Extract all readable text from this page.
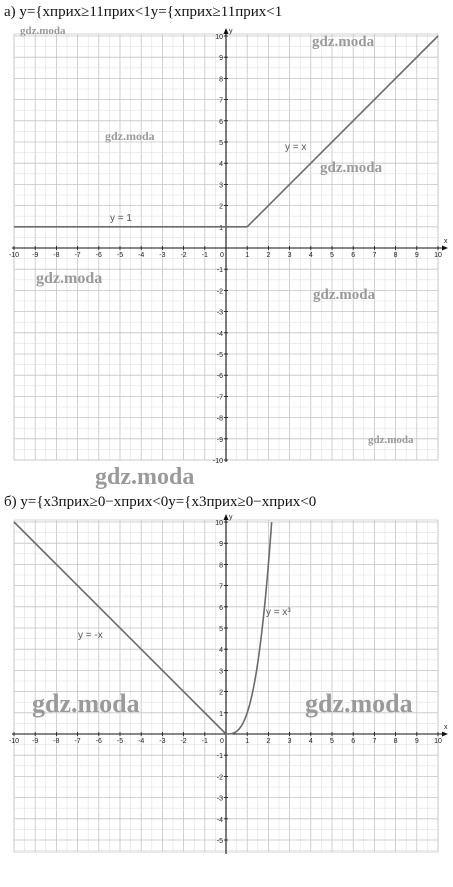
а) y={xприх≥11прих<1y={xприх≥11прих<1
б) y={x3прих≥0−xприх<0y={x3прих≥0−xприх<0
x
y
-10 -9 -8 -7 -6 -5 -4 -3 -2 -1 0	1 2 3 4 5 6 7 8 9 10
-10
-9
-8
-7
-6
-5
-4
-3
-2
-1
1
2
3
4
5
6
7
8
9
10
y = 1
y = x
x
y
-10 -9 -8 -7 -6 -5 -4 -3 -2 -1 0	1 2 3 4 5 6 7 8 9 10
-5
-4
-3
-2
-1
1
2
3
4
5
6
7
8
9
10
y = -x
y = x³
gdz.moda
gdz.moda
gdz.moda
gdz.moda
gdz.moda
gdz.moda
gdz.moda
gdz.moda
gdz.moda	gdz.moda
